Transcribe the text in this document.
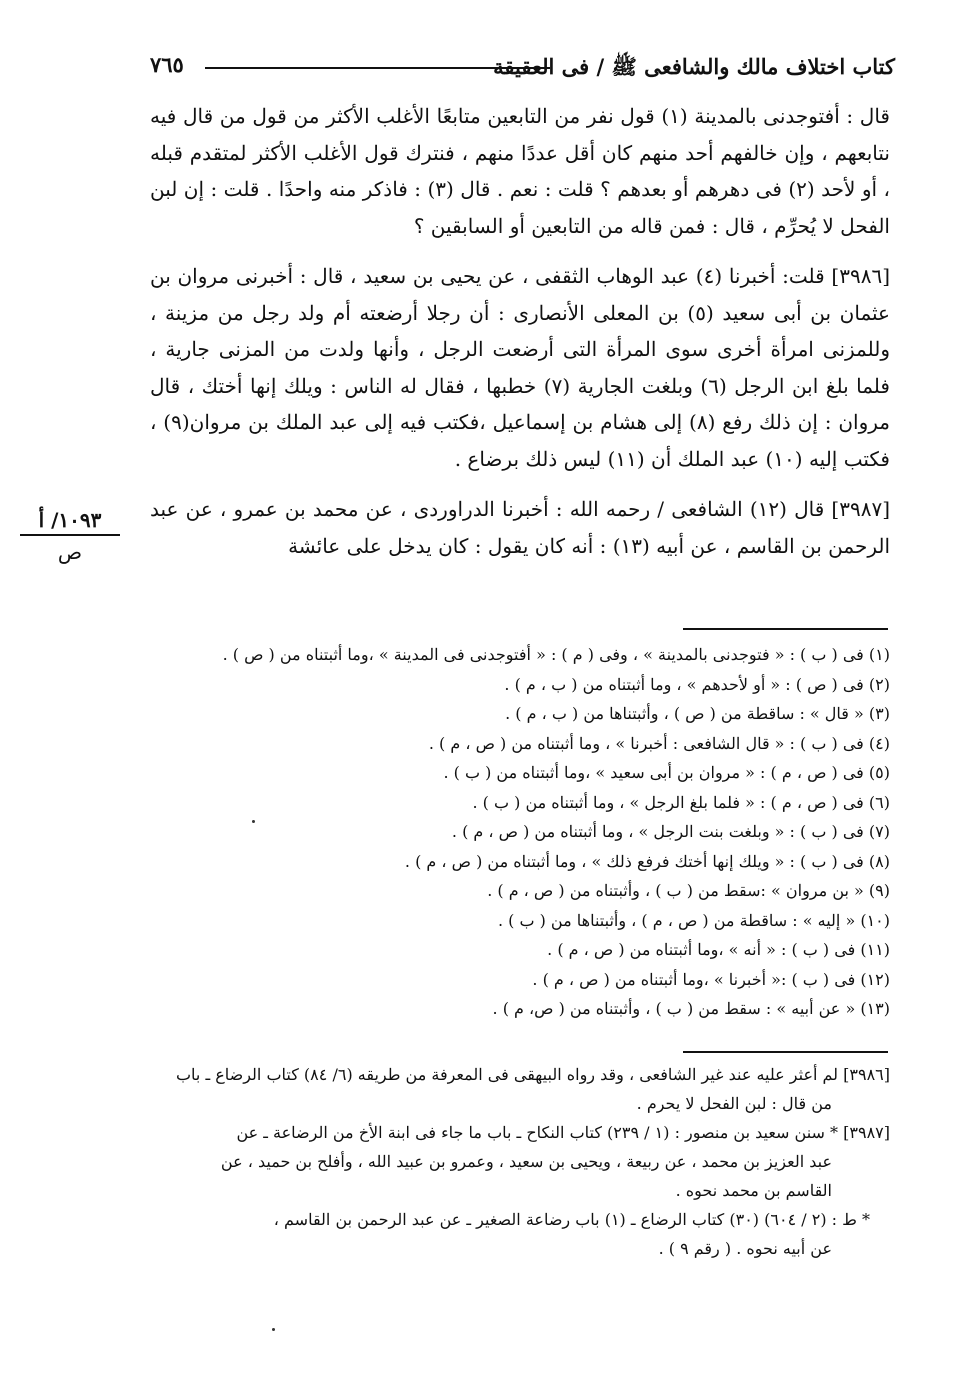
كتاب اختلاف مالك والشافعى ﷺ / فى العقيقة
٧٦٥

قال : أفتوجدنى بالمدينة (١) قول نفر من التابعين متابعًا الأغلب الأكثر من قول من قال فيه نتابعهم ، وإن خالفهم أحد منهم كان أقل عددًا منهم ، فنترك قول الأغلب الأكثر لمتقدم قبله ، أو لأحد (٢) فى دهرهم أو بعدهم ؟ قلت : نعم . قال (٣) : فاذكر منه واحدًا . قلت : إن لبن الفحل لا يُحرِّم ، قال : فمن قاله من التابعين أو السابقين ؟

[٣٩٨٦] قلت: أخبرنا (٤) عبد الوهاب الثقفى ، عن يحيى بن سعيد ، قال : أخبرنى مروان بن عثمان بن أبى سعيد (٥) بن المعلى الأنصارى : أن رجلا أرضعته أم ولد رجل من مزينة ، وللمزنى امرأة أخرى سوى المرأة التى أرضعت الرجل ، وأنها ولدت من المزنى جارية ، فلما بلغ ابن الرجل (٦) وبلغت الجارية (٧) خطبها ، فقال له الناس : ويلك إنها أختك ، قال مروان : إن ذلك رفع (٨) إلى هشام بن إسماعيل ،فكتب فيه إلى عبد الملك بن مروان(٩) ، فكتب إليه (١٠) عبد الملك أن (١١) ليس ذلك برضاع .

[٣٩٨٧] قال (١٢) الشافعى / رحمه الله : أخبرنا الدراوردى ، عن محمد بن عمرو ، عن عبد الرحمن بن القاسم ، عن أبيه (١٣) : أنه كان يقول : كان يدخل على عائشة

١٠٩٣/ أ
ص
(١) فى ( ب ) : « فتوجدنى بالمدينة » ، وفى ( م ) : « أفتوجدنى فى المدينة » ،وما أثبتناه من ( ص ) .
(٢) فى ( ص ) : « أو لأحدهم » ، وما أثبتناه من ( ب ، م ) .
(٣) « قال » : ساقطة من ( ص ) ، وأثبتناها من ( ب ، م ) .
(٤) فى ( ب ) : « قال الشافعى : أخبرنا » ، وما أثبتناه من ( ص ، م ) .
(٥) فى ( ص ، م ) : « مروان بن أبى سعيد » ،وما أثبتناه من ( ب ) .
(٦) فى ( ص ، م ) : « فلما بلغ الرجل » ، وما أثبتناه من ( ب ) .
(٧) فى ( ب ) : « وبلغت بنت الرجل » ، وما أثبتناه من ( ص ، م ) .
(٨) فى ( ب ) : « ويلك إنها أختك فرفع ذلك » ، وما أثبتناه من ( ص ، م ) .
(٩) « بن مروان » :سقط من ( ب ) ، وأثبتناه من ( ص ، م ) .
(١٠) « إليه » : ساقطة من ( ص ، م ) ، وأثبتناها من ( ب ) .
(١١) فى ( ب ) : « أنه » ،وما أثبتناه من ( ص ، م ) .
(١٢) فى ( ب ) :« أخبرنا » ،وما أثبتناه من ( ص ، م ) .
(١٣) « عن أبيه » : سقط من ( ب ) ، وأثبتناه من ( ص، م ) .

[٣٩٨٦] لم أعثر عليه عند غير الشافعى ، وقد رواه البيهقى فى المعرفة من طريقه (٦/ ٨٤) كتاب الرضاع ـ باب

من قال : لبن الفحل لا يحرم .

[٣٩٨٧] * سنن سعيد بن منصور : (١ / ٢٣٩) كتاب النكاح ـ باب ما جاء فى ابنة الأخ من الرضاعة ـ عن

عبد العزيز بن محمد ، عن ربيعة ، ويحيى بن سعيد ، وعمرو بن عبيد الله ، وأفلح بن حميد ، عن

القاسم بن محمد نحوه .

* ط : (٢ / ٦٠٤) (٣٠) كتاب الرضاع ـ (١) باب رضاعة الصغير ـ عن عبد الرحمن بن القاسم ،

عن أبيه نحوه . ( رقم ٩ ) .
